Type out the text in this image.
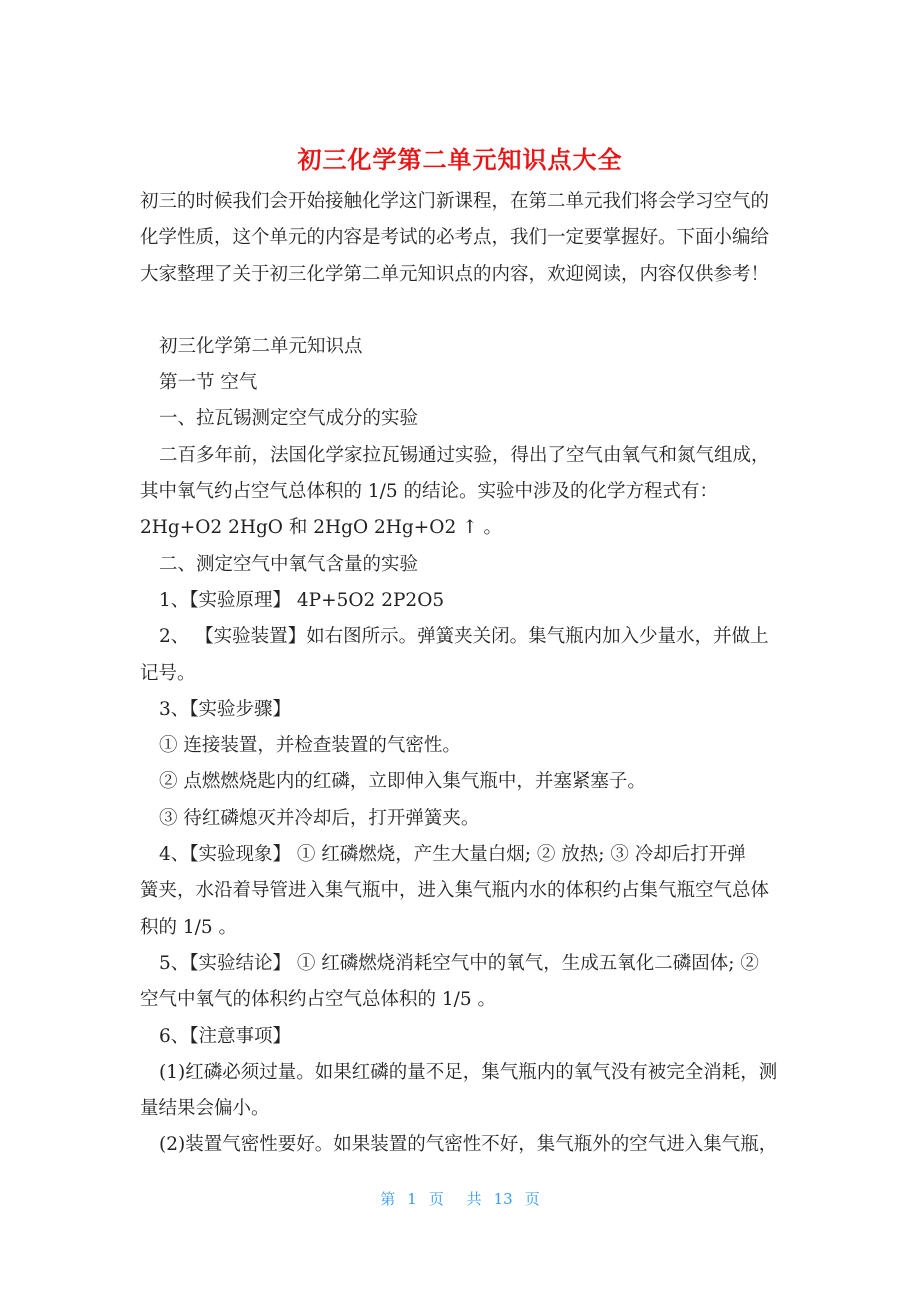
初三化学第二单元知识点大全
初三的时候我们会开始接触化学这门新课程，在第二单元我们将会学习空气的
化学性质，这个单元的内容是考试的必考点，我们一定要掌握好。下面小编给
大家整理了关于初三化学第二单元知识点的内容，欢迎阅读，内容仅供参考！
初三化学第二单元知识点
第一节 空气
一、拉瓦锡测定空气成分的实验
二百多年前，法国化学家拉瓦锡通过实验，得出了空气由氧气和氮气组成，
其中氧气约占空气总体积的 1/5 的结论。实验中涉及的化学方程式有：
2Hg+O2 2HgO 和 2HgO 2Hg+O2 ↑ 。
二、测定空气中氧气含量的实验
1、【实验原理】 4P+5O2 2P2O5
2、 【实验装置】如右图所示。弹簧夹关闭。集气瓶内加入少量水，并做上
记号。
3、【实验步骤】
① 连接装置，并检查装置的气密性。
② 点燃燃烧匙内的红磷，立即伸入集气瓶中，并塞紧塞子。
③ 待红磷熄灭并冷却后，打开弹簧夹。
4、【实验现象】 ① 红磷燃烧，产生大量白烟; ② 放热; ③ 冷却后打开弹
簧夹，水沿着导管进入集气瓶中，进入集气瓶内水的体积约占集气瓶空气总体
积的 1/5 。
5、【实验结论】 ① 红磷燃烧消耗空气中的氧气，生成五氧化二磷固体; ②
空气中氧气的体积约占空气总体积的 1/5 。
6、【注意事项】
(1)红磷必须过量。如果红磷的量不足，集气瓶内的氧气没有被完全消耗，测
量结果会偏小。
(2)装置气密性要好。如果装置的气密性不好，集气瓶外的空气进入集气瓶，
第 1 页 共 13 页
